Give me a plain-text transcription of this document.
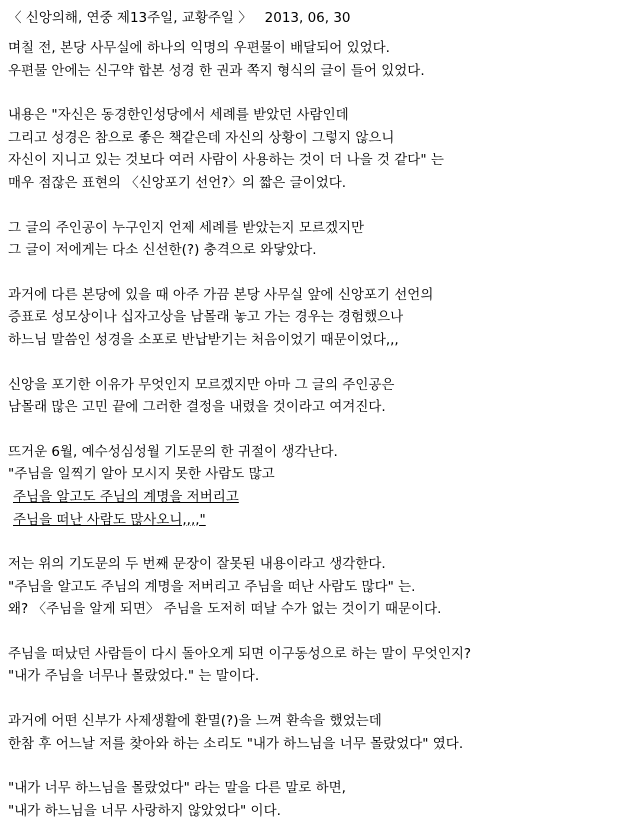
〈 신앙의해, 연중 제13주일, 교황주일 〉 2013, 06, 30
며칠 전, 본당 사무실에 하나의 익명의 우편물이 배달되어 있었다.
우편물 안에는 신구약 합본 성경 한 권과 쪽지 형식의 글이 들어 있었다.
내용은 "자신은 동경한인성당에서 세례를 받았던 사람인데
그리고 성경은 참으로 좋은 책같은데 자신의 상황이 그렇지 않으니
자신이 지니고 있는 것보다 여러 사람이 사용하는 것이 더 나을 것 같다" 는
매우 점잖은 표현의 〈신앙포기 선언?〉의 짧은 글이었다.
그 글의 주인공이 누구인지 언제 세례를 받았는지 모르겠지만
그 글이 저에게는 다소 신선한(?) 충격으로 와닿았다.
과거에 다른 본당에 있을 때 아주 가끔 본당 사무실 앞에 신앙포기 선언의
증표로 성모상이나 십자고상을 남몰래 놓고 가는 경우는 경험했으나
하느님 말씀인 성경을 소포로 반납받기는 처음이었기 때문이었다,,,
신앙을 포기한 이유가 무엇인지 모르겠지만 아마 그 글의 주인공은
남몰래 많은 고민 끝에 그러한 결정을 내렸을 것이라고 여겨진다.
뜨거운 6월, 예수성심성월 기도문의 한 귀절이 생각난다.
"주님을 일찍기 알아 모시지 못한 사람도 많고
주님을 알고도 주님의 계명을 저버리고
주님을 떠난 사람도 많사오니,,,,"
저는 위의 기도문의 두 번째 문장이 잘못된 내용이라고 생각한다.
"주님을 알고도 주님의 계명을 저버리고 주님을 떠난 사람도 많다" 는.
왜? 〈주님을 알게 되면〉 주님을 도저히 떠날 수가 없는 것이기 때문이다.
주님을 떠났던 사람들이 다시 돌아오게 되면 이구동성으로 하는 말이 무엇인지?
"내가 주님을 너무나 몰랐었다." 는 말이다.
과거에 어떤 신부가 사제생활에 환멸(?)을 느껴 환속을 했었는데
한참 후 어느날 저를 찾아와 하는 소리도 "내가 하느님을 너무 몰랐었다" 였다.
"내가 너무 하느님을 몰랐었다" 라는 말을 다른 말로 하면,
"내가 하느님을 너무 사랑하지 않았었다" 이다.
